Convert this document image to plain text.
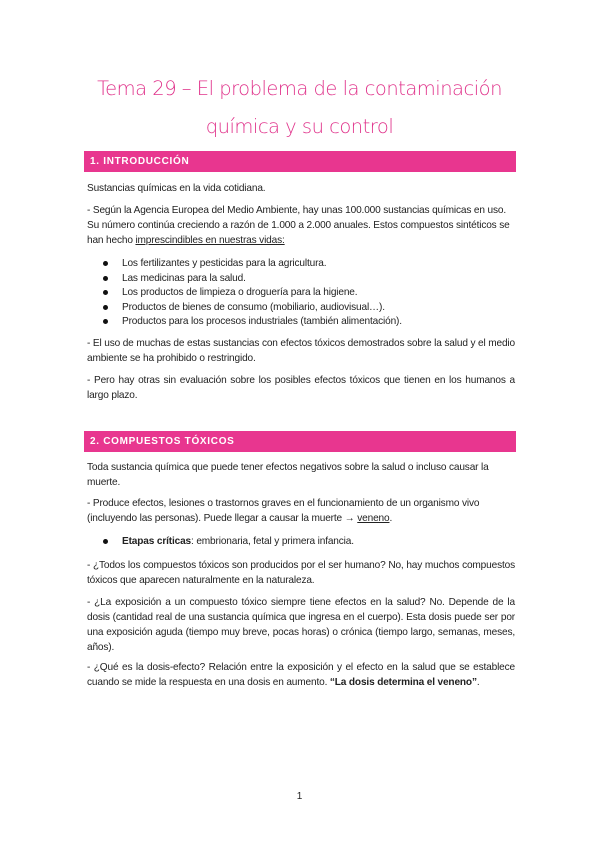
Tema 29 – El problema de la contaminación
química y su control
1. INTRODUCCIÓN

Sustancias químicas en la vida cotidiana.

- Según la Agencia Europea del Medio Ambiente, hay unas 100.000 sustancias químicas en uso. Su número continúa creciendo a razón de 1.000 a 2.000 anuales. Estos compuestos sintéticos se han hecho imprescindibles en nuestras vidas:

Los fertilizantes y pesticidas para la agricultura.
Las medicinas para la salud.
Los productos de limpieza o droguería para la higiene.
Productos de bienes de consumo (mobiliario, audiovisual…).
Productos para los procesos industriales (también alimentación).

- El uso de muchas de estas sustancias con efectos tóxicos demostrados sobre la salud y el medio ambiente se ha prohibido o restringido.

- Pero hay otras sin evaluación sobre los posibles efectos tóxicos que tienen en los humanos a largo plazo.

2. COMPUESTOS TÓXICOS

Toda sustancia química que puede tener efectos negativos sobre la salud o incluso causar la muerte.

- Produce efectos, lesiones o trastornos graves en el funcionamiento de un organismo vivo (incluyendo las personas). Puede llegar a causar la muerte → veneno.

Etapas críticas: embrionaria, fetal y primera infancia.

- ¿Todos los compuestos tóxicos son producidos por el ser humano? No, hay muchos compuestos tóxicos que aparecen naturalmente en la naturaleza.

- ¿La exposición a un compuesto tóxico siempre tiene efectos en la salud? No. Depende de la dosis (cantidad real de una sustancia química que ingresa en el cuerpo). Esta dosis puede ser por una exposición aguda (tiempo muy breve, pocas horas) o crónica (tiempo largo, semanas, meses, años).

- ¿Qué es la dosis-efecto? Relación entre la exposición y el efecto en la salud que se establece cuando se mide la respuesta en una dosis en aumento. “La dosis determina el veneno”.

1
